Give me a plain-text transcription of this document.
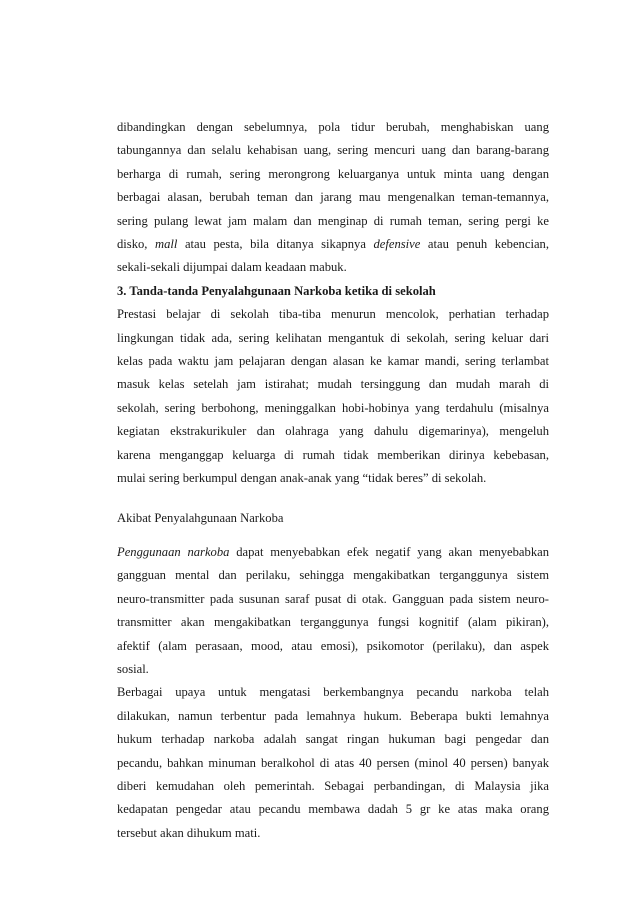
dibandingkan dengan sebelumnya, pola tidur berubah, menghabiskan uang
tabungannya dan selalu kehabisan uang, sering mencuri uang dan barang-barang
berharga di rumah, sering merongrong keluarganya untuk minta uang dengan
berbagai alasan, berubah teman dan jarang mau mengenalkan teman-temannya,
sering pulang lewat jam malam dan menginap di rumah teman, sering pergi ke
disko, mall atau pesta, bila ditanya sikapnya defensive atau penuh kebencian,
sekali-sekali dijumpai dalam keadaan mabuk.
3. Tanda-tanda Penyalahgunaan Narkoba ketika di sekolah
Prestasi belajar di sekolah tiba-tiba menurun mencolok, perhatian terhadap
lingkungan tidak ada, sering kelihatan mengantuk di sekolah, sering keluar dari
kelas pada waktu jam pelajaran dengan alasan ke kamar mandi, sering terlambat
masuk kelas setelah jam istirahat; mudah tersinggung dan mudah marah di
sekolah, sering berbohong, meninggalkan hobi-hobinya yang terdahulu (misalnya
kegiatan ekstrakurikuler dan olahraga yang dahulu digemarinya), mengeluh
karena menganggap keluarga di rumah tidak memberikan dirinya kebebasan,
mulai sering berkumpul dengan anak-anak yang “tidak beres” di sekolah.
Akibat Penyalahgunaan Narkoba
Penggunaan narkoba dapat menyebabkan efek negatif yang akan menyebabkan
gangguan mental dan perilaku, sehingga mengakibatkan terganggunya sistem
neuro-transmitter pada susunan saraf pusat di otak. Gangguan pada sistem neuro-
transmitter akan mengakibatkan terganggunya fungsi kognitif (alam pikiran),
afektif (alam perasaan, mood, atau emosi), psikomotor (perilaku), dan aspek
sosial.
Berbagai upaya untuk mengatasi berkembangnya pecandu narkoba telah
dilakukan, namun terbentur pada lemahnya hukum. Beberapa bukti lemahnya
hukum terhadap narkoba adalah sangat ringan hukuman bagi pengedar dan
pecandu, bahkan minuman beralkohol di atas 40 persen (minol 40 persen) banyak
diberi kemudahan oleh pemerintah. Sebagai perbandingan, di Malaysia jika
kedapatan pengedar atau pecandu membawa dadah 5 gr ke atas maka orang
tersebut akan dihukum mati.
